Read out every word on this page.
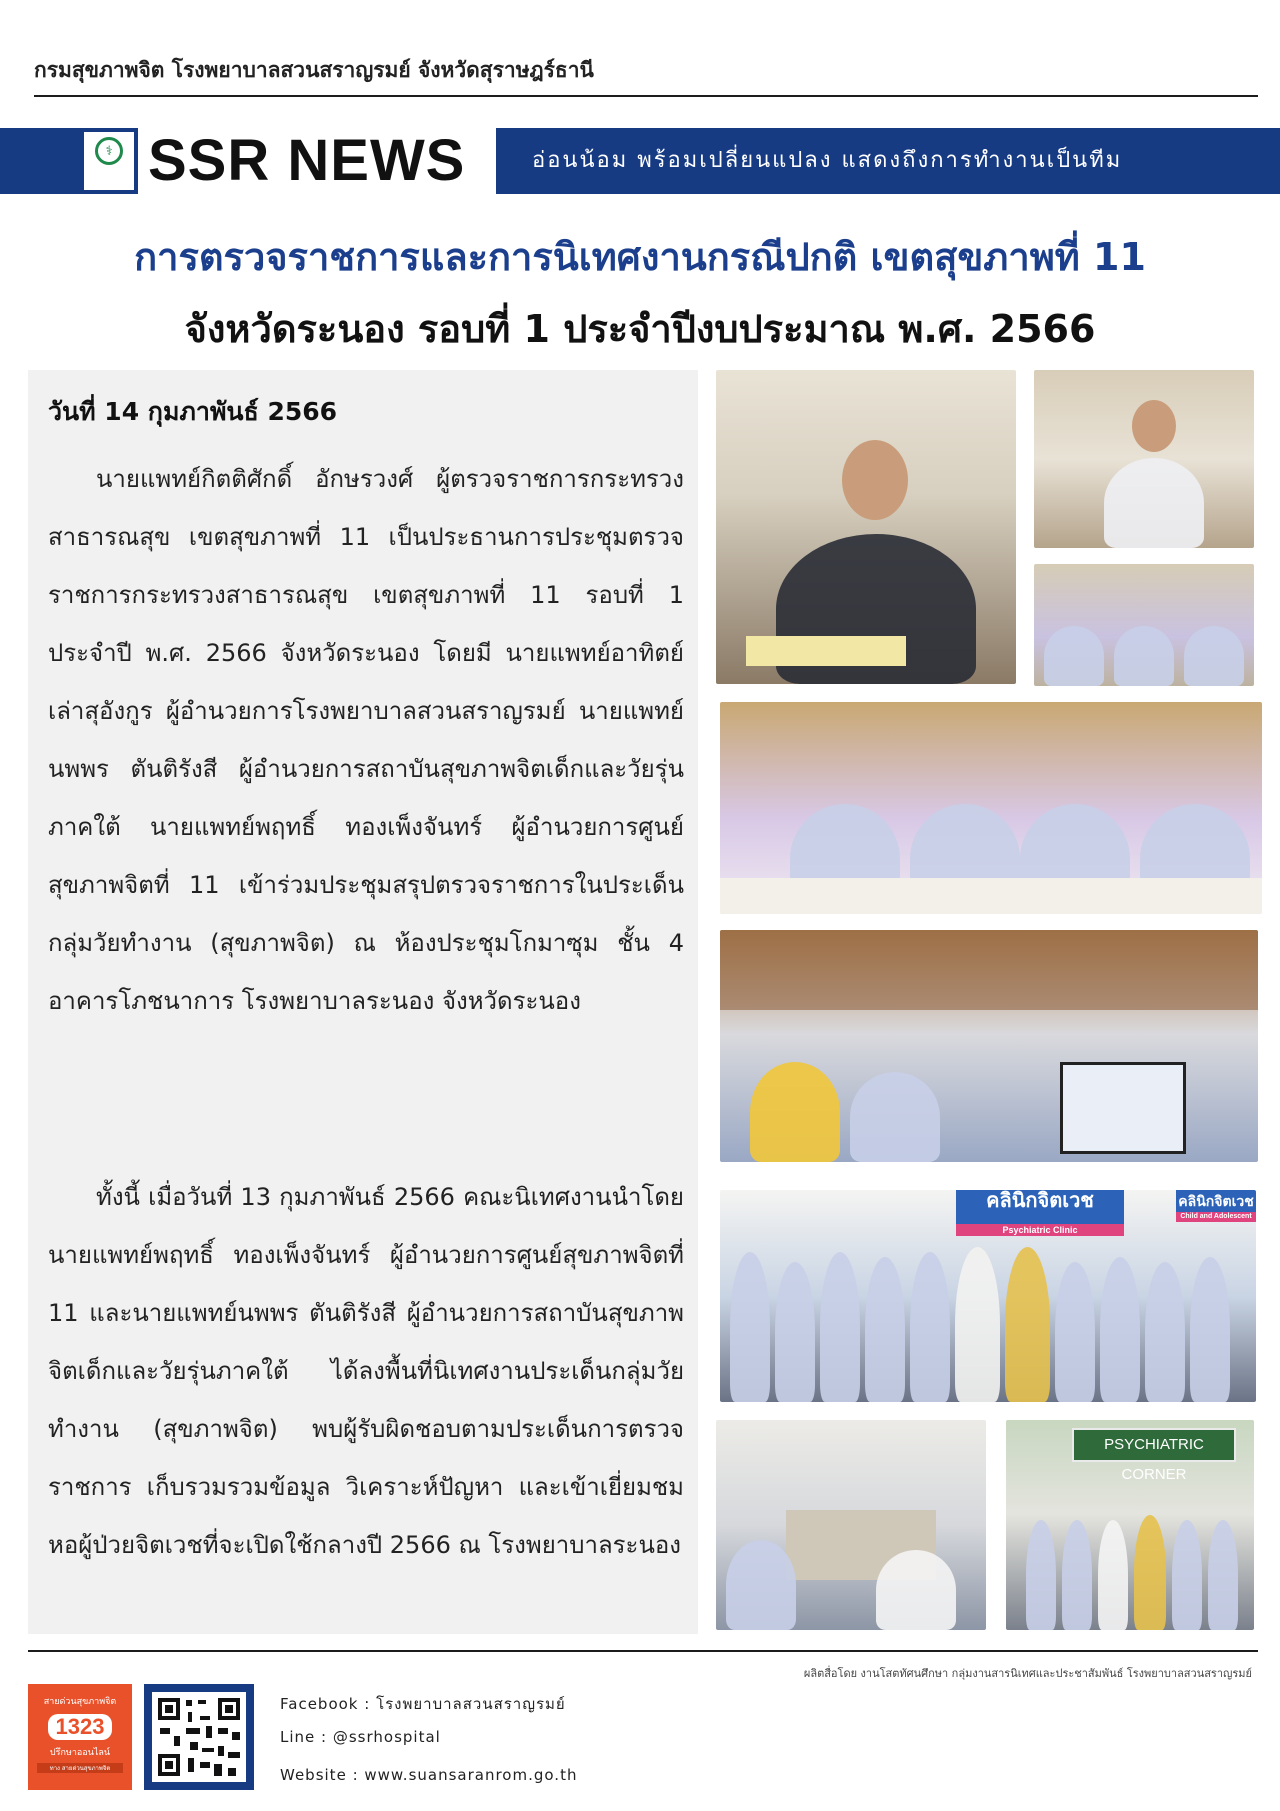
กรมสุขภาพจิต โรงพยาบาลสวนสราญรมย์ จังหวัดสุราษฎร์ธานี
⚕
SSR NEWS	อ่อนน้อม พร้อมเปลี่ยนแปลง แสดงถึงการทำงานเป็นทีม
การตรวจราชการและการนิเทศงานกรณีปกติ เขตสุขภาพที่ 11
จังหวัดระนอง รอบที่ 1 ประจำปีงบประมาณ พ.ศ. 2566
วันที่ 14 กุมภาพันธ์ 2566

  นายแพทย์กิตติศักดิ์ อักษรวงศ์ ผู้ตรวจราชการกระทรวงสาธารณสุข เขตสุขภาพที่ 11 เป็นประธานการประชุมตรวจราชการกระทรวงสาธารณสุข เขตสุขภาพที่ 11 รอบที่ 1 ประจำปี พ.ศ. 2566 จังหวัดระนอง โดยมี นายแพทย์อาทิตย์ เล่าสุอังกูร ผู้อำนวยการโรงพยาบาลสวนสราญรมย์ นายแพทย์นพพร ตันติรังสี ผู้อำนวยการสถาบันสุขภาพจิตเด็กและวัยรุ่นภาคใต้ นายแพทย์พฤทธิ์ ทองเพ็งจันทร์ ผู้อำนวยการศูนย์สุขภาพจิตที่ 11 เข้าร่วมประชุมสรุปตรวจราชการในประเด็นกลุ่มวัยทำงาน (สุขภาพจิต) ณ ห้องประชุมโกมาซุม ชั้น 4 อาคารโภชนาการ โรงพยาบาลระนอง จังหวัดระนอง

  ทั้งนี้ เมื่อวันที่ 13 กุมภาพันธ์ 2566 คณะนิเทศงานนำโดย นายแพทย์พฤทธิ์ ทองเพ็งจันทร์ ผู้อำนวยการศูนย์สุขภาพจิตที่ 11 และนายแพทย์นพพร ตันติรังสี ผู้อำนวยการสถาบันสุขภาพจิตเด็กและวัยรุ่นภาคใต้ ได้ลงพื้นที่นิเทศงานประเด็นกลุ่มวัยทำงาน (สุขภาพจิต) พบผู้รับผิดชอบตามประเด็นการตรวจราชการ เก็บรวมรวมข้อมูล วิเคราะห์ปัญหา และเข้าเยี่ยมชมหอผู้ป่วยจิตเวชที่จะเปิดใช้กลางปี 2566 ณ โรงพยาบาลระนอง

คลินิกจิตเวช
Psychiatric Clinic
คลินิกจิตเวช
Child and Adolescent
PSYCHIATRIC CORNER
ผลิตสื่อโดย งานโสตทัศนศึกษา กลุ่มงานสารนิเทศและประชาสัมพันธ์ โรงพยาบาลสวนสราญรมย์
สายด่วนสุขภาพจิต
1323
ปรึกษาออนไลน์
ทาง สายด่วนสุขภาพจิต
Facebook : โรงพยาบาลสวนสราญรมย์
Line : @ssrhospital
Website : www.suansaranrom.go.th
